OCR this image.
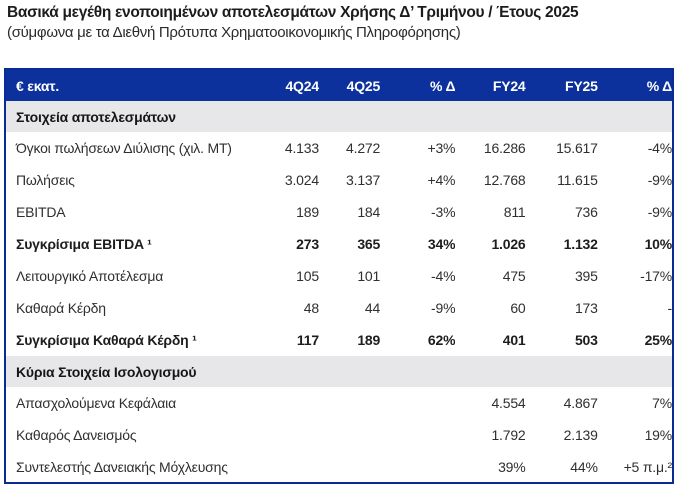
Βασικά μεγέθη ενοποιημένων αποτελεσμάτων Χρήσης Δ’ Τριμήνου / Έτους 2025
(σύμφωνα με τα Διεθνή Πρότυπα Χρηματοοικονομικής Πληροφόρησης)
€ εκατ.	4Q24	4Q25	% Δ	FY24	FY25	% Δ
Στοιχεία αποτελεσμάτων						
Όγκοι πωλήσεων Διύλισης (χιλ. MT)	4.133	4.272	+3%	16.286	15.617	-4%
Πωλήσεις	3.024	3.137	+4%	12.768	11.615	-9%
EBITDA	189	184	-3%	811	736	-9%
Συγκρίσιμα EBITDA ¹	273	365	34%	1.026	1.132	10%
Λειτουργικό Αποτέλεσμα	105	101	-4%	475	395	-17%
Καθαρά Κέρδη	48	44	-9%	60	173	-
Συγκρίσιμα Καθαρά Κέρδη ¹	117	189	62%	401	503	25%
Κύρια Στοιχεία Ισολογισμού						
Απασχολούμενα Κεφάλαια				4.554	4.867	7%
Καθαρός Δανεισμός				1.792	2.139	19%
Συντελεστής Δανειακής Μόχλευσης				39%	44%	+5 π.μ.²
